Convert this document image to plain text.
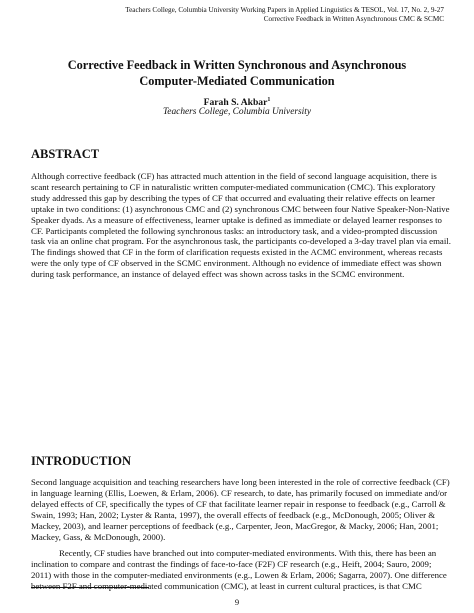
Teachers College, Columbia University Working Papers in Applied Linguistics & TESOL, Vol. 17, No. 2, 9-27
Corrective Feedback in Written Asynchronous CMC & SCMC
Corrective Feedback in Written Synchronous and Asynchronous
Computer-Mediated Communication
Farah S. Akbar$^1$
Teachers College, Columbia University
ABSTRACT
Although corrective feedback (CF) has attracted much attention in the field of second language acquisition, there is scant research pertaining to CF in naturalistic written computer-mediated communication (CMC). This exploratory study addressed this gap by describing the types of CF that occurred and evaluating their relative effects on learner uptake in two conditions: (1) asynchronous CMC and (2) synchronous CMC between four Native Speaker-Non-Native Speaker dyads. As a measure of effectiveness, learner uptake is defined as immediate or delayed learner responses to CF. Participants completed the following synchronous tasks: an introductory task, and a video-prompted discussion task via an online chat program. For the asynchronous task, the participants co-developed a 3-day travel plan via email. The findings showed that CF in the form of clarification requests existed in the ACMC environment, whereas recasts were the only type of CF observed in the SCMC environment. Although no evidence of immediate effect was shown during task performance, an instance of delayed effect was shown across tasks in the SCMC environment.
INTRODUCTION
Second language acquisition and teaching researchers have long been interested in the role of corrective feedback (CF) in language learning (Ellis, Loewen, & Erlam, 2006). CF research, to date, has primarily focused on immediate and/or delayed effects of CF, specifically the types of CF that facilitate learner repair in response to feedback (e.g., Carroll & Swain, 1993; Han, 2002; Lyster & Ranta, 1997), the overall effects of feedback (e.g., McDonough, 2005; Oliver & Mackey, 2003), and learner perceptions of feedback (e.g., Carpenter, Jeon, MacGregor, & Macky, 2006; Han, 2001; Mackey, Gass, & McDonough, 2000).
Recently, CF studies have branched out into computer-mediated environments. With this, there has been an inclination to compare and contrast the findings of face-to-face (F2F) CF research (e.g., Heift, 2004; Sauro, 2009; 2011) with those in the computer-mediated environments (e.g., Lowen & Erlam, 2006; Sagarra, 2007). One difference between F2F and computer-mediated communication (CMC), at least in current cultural practices, is that CMC
9
